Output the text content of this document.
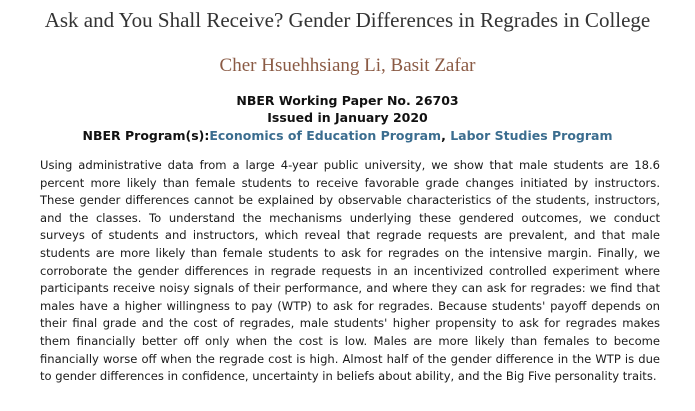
Ask and You Shall Receive? Gender Differences in Regrades in College
Cher Hsuehhsiang Li, Basit Zafar
NBER Working Paper No. 26703
Issued in January 2020
NBER Program(s):Economics of Education Program, Labor Studies Program

Using administrative data from a large 4-year public university, we show that male students are 18.6 percent more likely than female students to receive favorable grade changes initiated by instructors. These gender differences cannot be explained by observable characteristics of the students, instructors, and the classes. To understand the mechanisms underlying these gendered outcomes, we conduct surveys of students and instructors, which reveal that regrade requests are prevalent, and that male students are more likely than female students to ask for regrades on the intensive margin. Finally, we corroborate the gender differences in regrade requests in an incentivized controlled experiment where participants receive noisy signals of their performance, and where they can ask for regrades: we find that males have a higher willingness to pay (WTP) to ask for regrades. Because students' payoff depends on their final grade and the cost of regrades, male students' higher propensity to ask for regrades makes them financially better off only when the cost is low. Males are more likely than females to become financially worse off when the regrade cost is high. Almost half of the gender difference in the WTP is due to gender differences in confidence, uncertainty in beliefs about ability, and the Big Five personality traits.
